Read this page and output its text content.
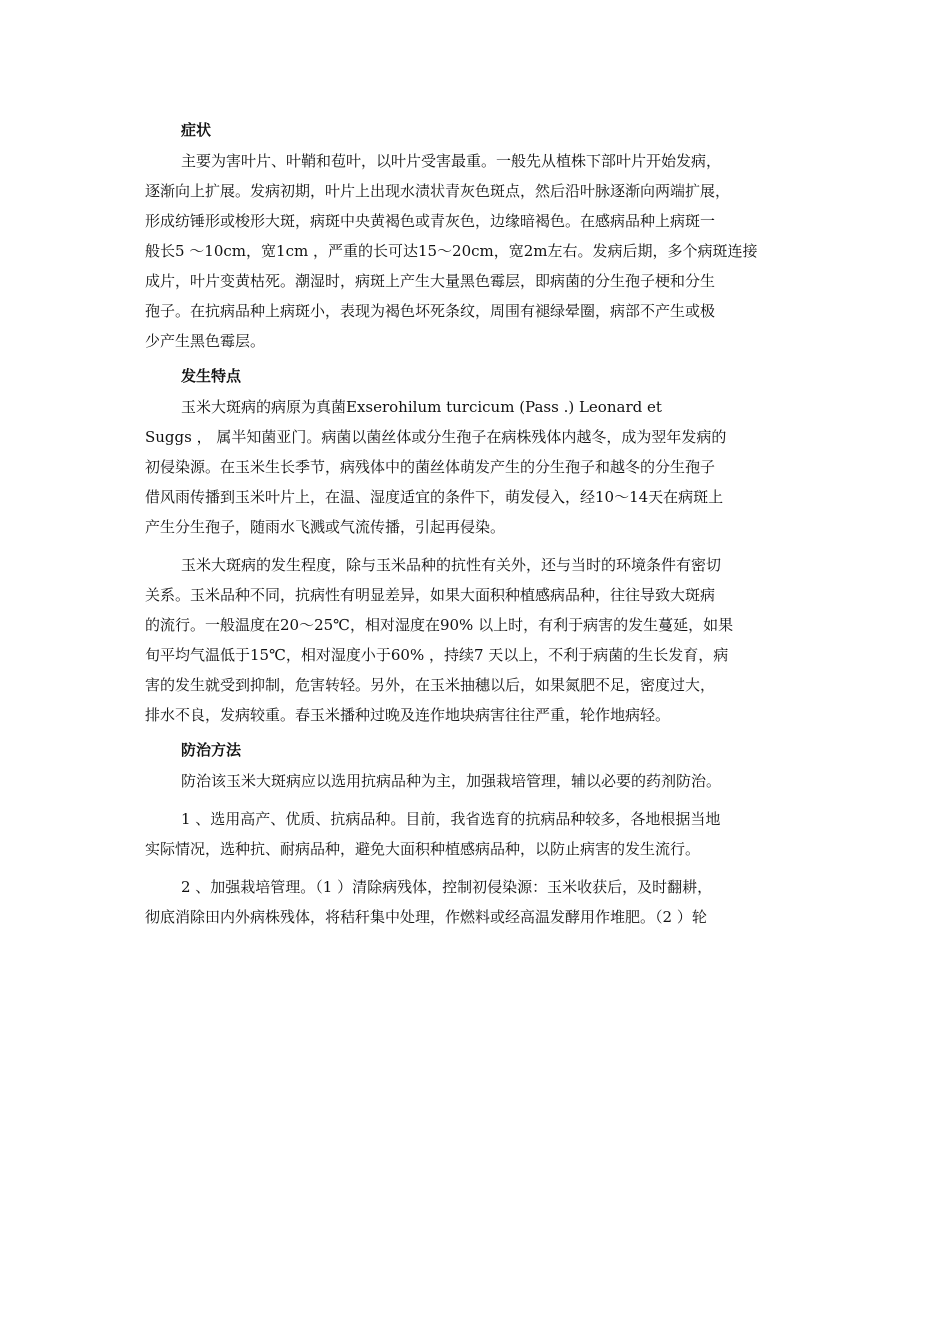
症状
主要为害叶片、叶鞘和苞叶，以叶片受害最重。一般先从植株下部叶片开始发病，
逐渐向上扩展。发病初期，叶片上出现水渍状青灰色斑点，然后沿叶脉逐渐向两端扩展，
形成纺锤形或梭形大斑，病斑中央黄褐色或青灰色，边缘暗褐色。在感病品种上病斑一
般长5 ～10cm，宽1cm ，严重的长可达15～20cm，宽2m左右。发病后期，多个病斑连接
成片，叶片变黄枯死。潮湿时，病斑上产生大量黑色霉层，即病菌的分生孢子梗和分生
孢子。在抗病品种上病斑小，表现为褐色坏死条纹，周围有褪绿晕圈，病部不产生或极
少产生黑色霉层。
发生特点
玉米大斑病的病原为真菌Exserohilum turcicum (Pass .) Leonard et
Suggs ， 属半知菌亚门。病菌以菌丝体或分生孢子在病株残体内越冬，成为翌年发病的
初侵染源。在玉米生长季节，病残体中的菌丝体萌发产生的分生孢子和越冬的分生孢子
借风雨传播到玉米叶片上，在温、湿度适宜的条件下，萌发侵入，经10～14天在病斑上
产生分生孢子，随雨水飞溅或气流传播，引起再侵染。
玉米大斑病的发生程度，除与玉米品种的抗性有关外，还与当时的环境条件有密切
关系。玉米品种不同，抗病性有明显差异，如果大面积种植感病品种，往往导致大斑病
的流行。一般温度在20～25℃，相对湿度在90% 以上时，有利于病害的发生蔓延，如果
旬平均气温低于15℃，相对湿度小于60% ，持续7 天以上，不利于病菌的生长发育，病
害的发生就受到抑制，危害转轻。另外，在玉米抽穗以后，如果氮肥不足，密度过大，
排水不良，发病较重。春玉米播种过晚及连作地块病害往往严重，轮作地病轻。
防治方法
防治该玉米大斑病应以选用抗病品种为主，加强栽培管理，辅以必要的药剂防治。
1 、选用高产、优质、抗病品种。目前，我省选育的抗病品种较多，各地根据当地
实际情况，选种抗、耐病品种，避免大面积种植感病品种，以防止病害的发生流行。
2 、加强栽培管理。（1 ）清除病残体，控制初侵染源：玉米收获后，及时翻耕，
彻底消除田内外病株残体，将秸秆集中处理，作燃料或经高温发酵用作堆肥。（2 ）轮
